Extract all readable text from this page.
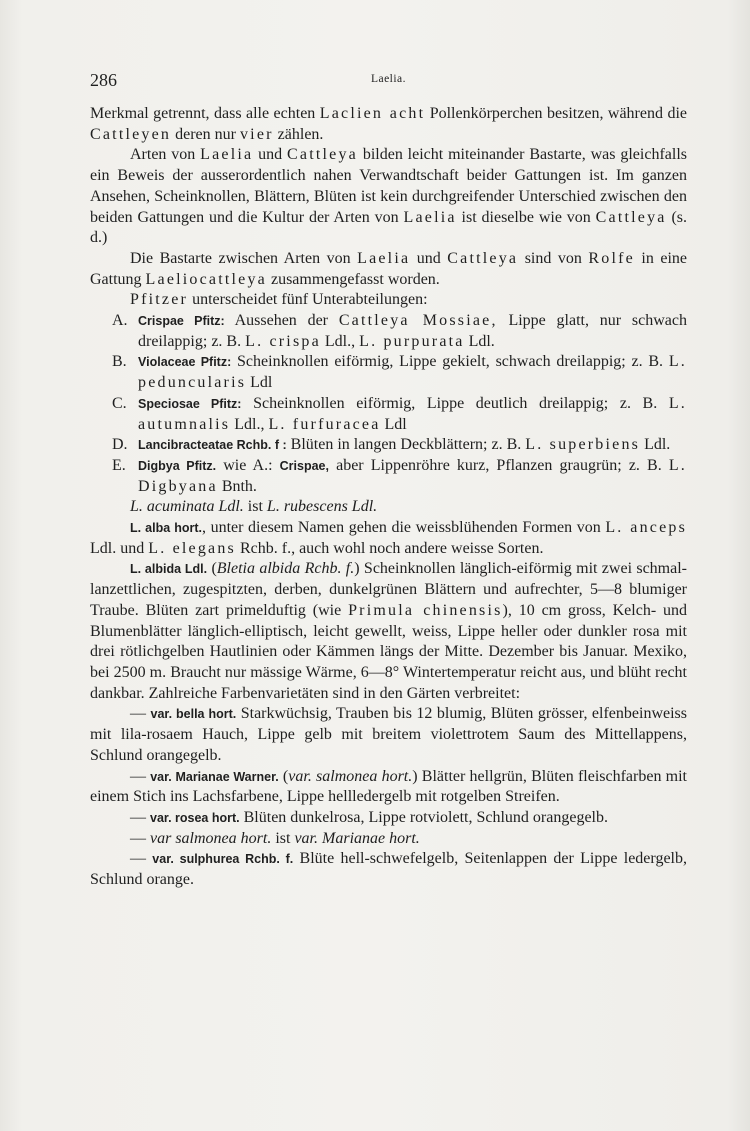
286	Laelia.

Merkmal getrennt, dass alle echten Laclien acht Pollenkörperchen besitzen, während die Cattleyen deren nur vier zählen.

Arten von Laelia und Cattleya bilden leicht miteinander Bastarte, was gleichfalls ein Beweis der ausserordentlich nahen Verwandtschaft beider Gattungen ist. Im ganzen Ansehen, Scheinknollen, Blättern, Blüten ist kein durchgreifender Unterschied zwischen den beiden Gattungen und die Kultur der Arten von Laelia ist dieselbe wie von Cattleya (s. d.)

Die Bastarte zwischen Arten von Laelia und Cattleya sind von Rolfe in eine Gattung Laeliocattleya zusammengefasst worden.

Pfitzer unterscheidet fünf Unterabteilungen:

A. Crispae Pfitz: Aussehen der Cattleya Mossiae, Lippe glatt, nur schwach dreilappig; z. B. L. crispa Ldl., L. purpurata Ldl.

B. Violaceae Pfitz: Scheinknollen eiförmig, Lippe gekielt, schwach dreilappig; z. B. L. peduncularis Ldl

C. Speciosae Pfitz: Scheinknollen eiförmig, Lippe deutlich dreilappig; z. B. L. autumnalis Ldl., L. furfuracea Ldl

D. Lancibracteatae Rchb. f : Blüten in langen Deckblättern; z. B. L. superbiens Ldl.

E. Digbya Pfitz. wie A.: Crispae, aber Lippenröhre kurz, Pflanzen graugrün; z. B. L. Digbyana Bnth.

L. acuminata Ldl. ist L. rubescens Ldl.

L. alba hort., unter diesem Namen gehen die weissblühenden Formen von L. anceps Ldl. und L. elegans Rchb. f., auch wohl noch andere weisse Sorten.

L. albida Ldl. (Bletia albida Rchb. f.) Scheinknollen länglich-eiförmig mit zwei schmal-lanzettlichen, zugespitzten, derben, dunkelgrünen Blättern und aufrechter, 5—8 blumiger Traube. Blüten zart primelduftig (wie Primula chinensis), 10 cm gross, Kelch- und Blumenblätter länglich-elliptisch, leicht gewellt, weiss, Lippe heller oder dunkler rosa mit drei rötlichgelben Hautlinien oder Kämmen längs der Mitte. Dezember bis Januar. Mexiko, bei 2500 m. Braucht nur mässige Wärme, 6—8° Wintertemperatur reicht aus, und blüht recht dankbar. Zahlreiche Farbenvarietäten sind in den Gärten verbreitet:

— var. bella hort. Starkwüchsig, Trauben bis 12 blumig, Blüten grösser, elfenbeinweiss mit lila-rosaem Hauch, Lippe gelb mit breitem violettrotem Saum des Mittellappens, Schlund orangegelb.

— var. Marianae Warner. (var. salmonea hort.) Blätter hellgrün, Blüten fleischfarben mit einem Stich ins Lachsfarbene, Lippe hellledergelb mit rotgelben Streifen.

— var. rosea hort. Blüten dunkelrosa, Lippe rotviolett, Schlund orangegelb.

— var salmonea hort. ist var. Marianae hort.

— var. sulphurea Rchb. f. Blüte hell-schwefelgelb, Seitenlappen der Lippe ledergelb, Schlund orange.
